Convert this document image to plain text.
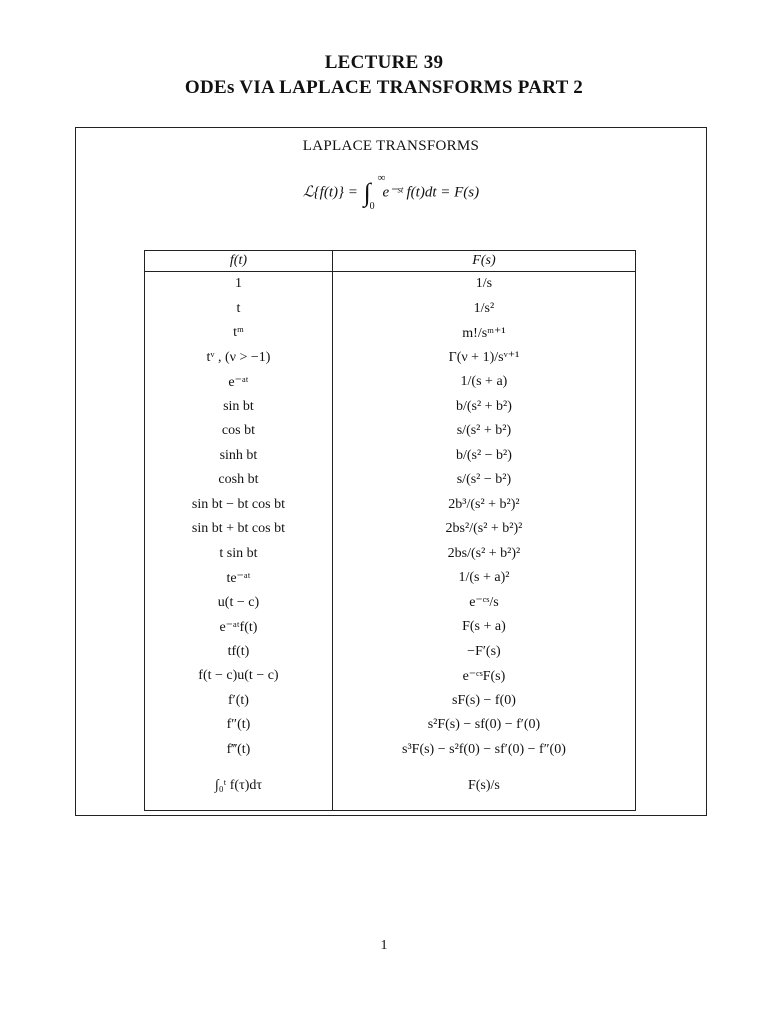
LECTURE 39
ODEs VIA LAPLACE TRANSFORMS PART 2
LAPLACE TRANSFORMS
ℒ{f(t)} = ∫ ∞
0
e⁻ˢᵗ f(t)dt = F(s)
f(t)	F(s)
1	1/s
t	1/s²
tᵐ	m!/sᵐ⁺¹
tᵛ , (ν > −1)	Γ(ν + 1)/sᵛ⁺¹
e⁻ᵃᵗ	1/(s + a)
sin bt	b/(s² + b²)
cos bt	s/(s² + b²)
sinh bt	b/(s² − b²)
cosh bt	s/(s² − b²)
sin bt − bt cos bt	2b³/(s² + b²)²
sin bt + bt cos bt	2bs²/(s² + b²)²
t sin bt	2bs/(s² + b²)²
te⁻ᵃᵗ	1/(s + a)²
u(t − c)	e⁻ᶜˢ/s
e⁻ᵃᵗf(t)	F(s + a)
tf(t)	−F′(s)
f(t − c)u(t − c)	e⁻ᶜˢF(s)
f′(t)	sF(s) − f(0)
f″(t)	s²F(s) − sf(0) − f′(0)
f‴(t)	s³F(s) − s²f(0) − sf′(0) − f″(0)
∫₀ᵗ f(τ)dτ	F(s)/s
1
